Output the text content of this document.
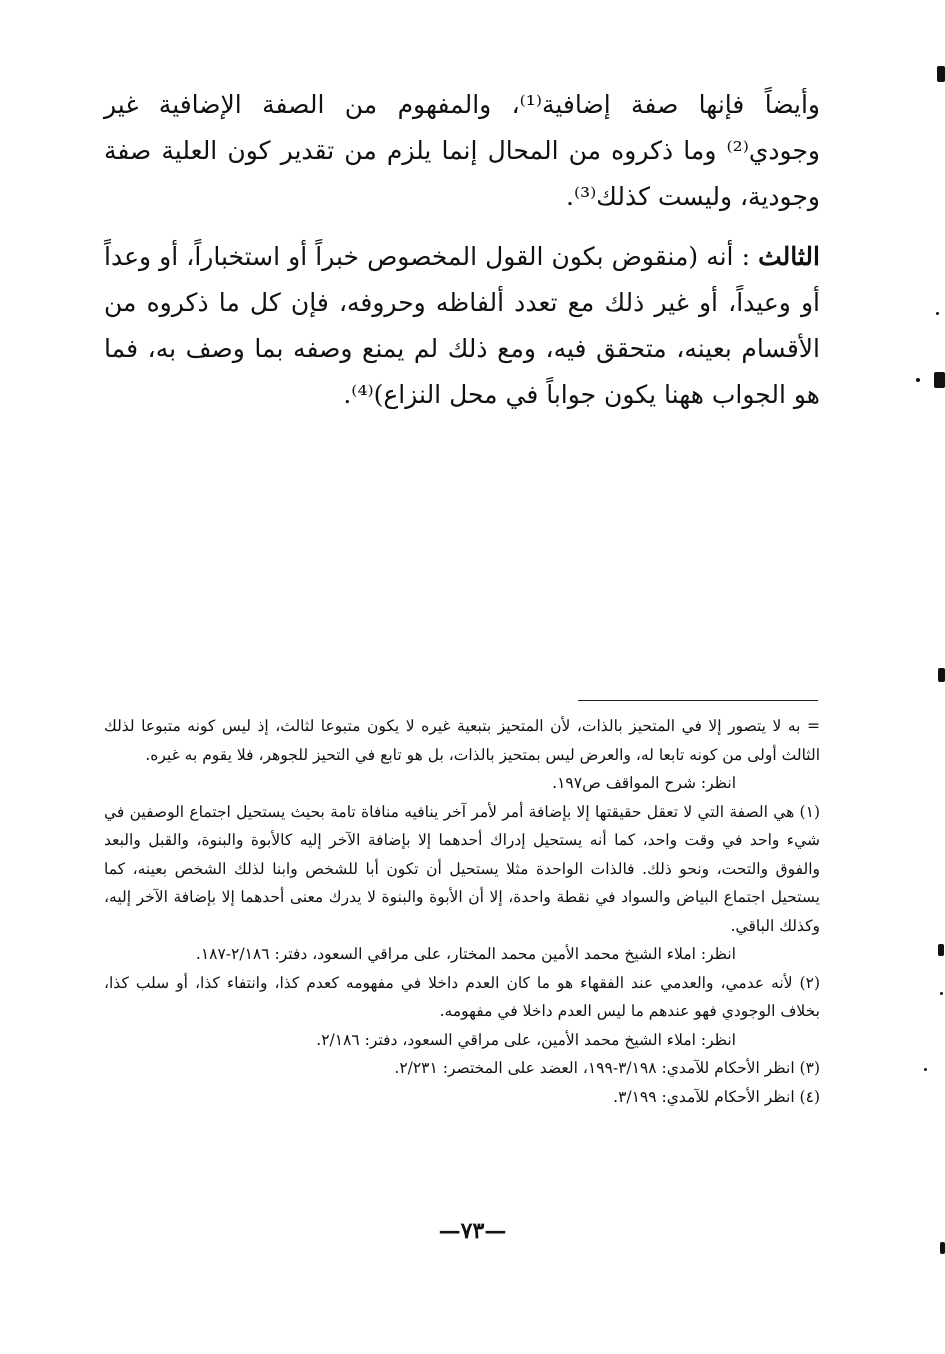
وأيضاً فإنها صفة إضافية⁽¹⁾، والمفهوم من الصفة الإضافية غير وجودي⁽²⁾ وما ذكروه من المحال إنما يلزم من تقدير كون العلية صفة وجودية، وليست كذلك⁽³⁾.

الثالث : أنه (منقوض بكون القول المخصوص خبراً أو استخباراً، أو وعداً أو وعيداً، أو غير ذلك مع تعدد ألفاظه وحروفه، فإن كل ما ذكروه من الأقسام بعينه، متحقق فيه، ومع ذلك لم يمنع وصفه بما وصف به، فما هو الجواب ههنا يكون جواباً في محل النزاع)⁽⁴⁾.

= به لا يتصور إلا في المتحيز بالذات، لأن المتحيز بتبعية غيره لا يكون متبوعا لثالث، إذ ليس كونه متبوعا لذلك الثالث أولى من كونه تابعا له، والعرض ليس بمتحيز بالذات، بل هو تابع في التحيز للجوهر، فلا يقوم به غيره.

انظر: شرح المواقف ص١٩٧.

(١) هي الصفة التي لا تعقل حقيقتها إلا بإضافة أمر لأمر آخر ينافيه منافاة تامة بحيث يستحيل اجتماع الوصفين في شيء واحد في وقت واحد، كما أنه يستحيل إدراك أحدهما إلا بإضافة الآخر إليه كالأبوة والبنوة، والقبل والبعد والفوق والتحت، ونحو ذلك. فالذات الواحدة مثلا يستحيل أن تكون أبا للشخص وابنا لذلك الشخص بعينه، كما يستحيل اجتماع البياض والسواد في نقطة واحدة، إلا أن الأبوة والبنوة لا يدرك معنى أحدهما إلا بإضافة الآخر إليه، وكذلك الباقي.

انظر: املاء الشيخ محمد الأمين محمد المختار، على مراقي السعود، دفتر: ٢/١٨٦-١٨٧.

(٢) لأنه عدمي، والعدمي عند الفقهاء هو ما كان العدم داخلا في مفهومه كعدم كذا، وانتفاء كذا، أو سلب كذا، بخلاف الوجودي فهو عندهم ما ليس العدم داخلا في مفهومه.

انظر: املاء الشيخ محمد الأمين، على مراقي السعود، دفتر: ٢/١٨٦.

(٣) انظر الأحكام للآمدي: ٣/١٩٨-١٩٩، العضد على المختصر: ٢/٢٣١.

(٤) انظر الأحكام للآمدي: ٣/١٩٩.

—٧٣—
